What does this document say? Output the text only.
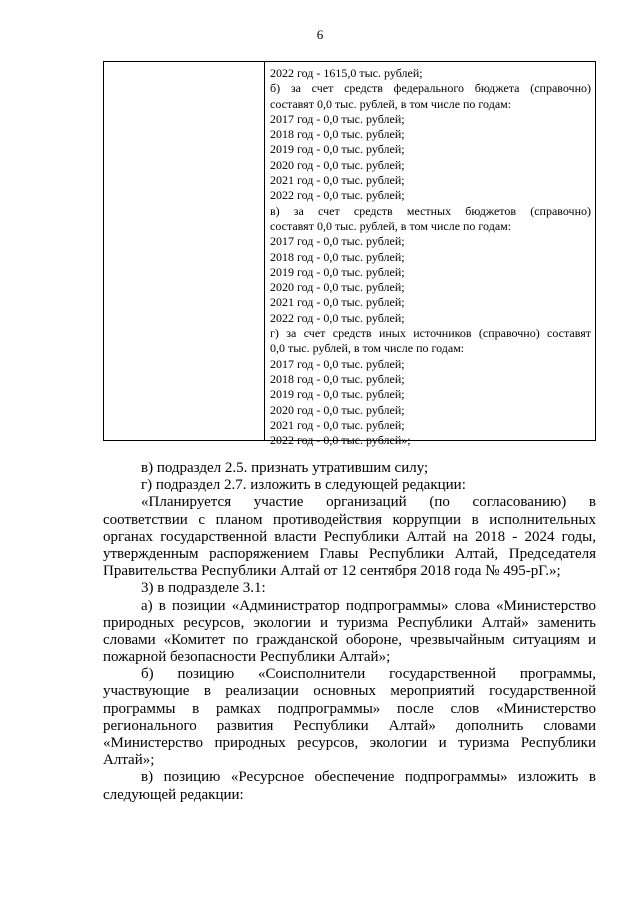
6
2022 год - 1615,0 тыс. рублей;
б) за счет средств федерального бюджета (справочно)
составят 0,0 тыс. рублей, в том числе по годам:
2017 год - 0,0 тыс. рублей;
2018 год - 0,0 тыс. рублей;
2019 год - 0,0 тыс. рублей;
2020 год - 0,0 тыс. рублей;
2021 год - 0,0 тыс. рублей;
2022 год - 0,0 тыс. рублей;
в) за счет средств местных бюджетов (справочно)
составят 0,0 тыс. рублей, в том числе по годам:
2017 год - 0,0 тыс. рублей;
2018 год - 0,0 тыс. рублей;
2019 год - 0,0 тыс. рублей;
2020 год - 0,0 тыс. рублей;
2021 год - 0,0 тыс. рублей;
2022 год - 0,0 тыс. рублей;
г) за счет средств иных источников (справочно) составят
0,0 тыс. рублей, в том числе по годам:
2017 год - 0,0 тыс. рублей;
2018 год - 0,0 тыс. рублей;
2019 год - 0,0 тыс. рублей;
2020 год - 0,0 тыс. рублей;
2021 год - 0,0 тыс. рублей;
2022 год - 0,0 тыс. рублей»;
в) подраздел 2.5. признать утратившим силу;
г) подраздел 2.7. изложить в следующей редакции:
«Планируется участие организаций (по согласованию) в
соответствии с планом противодействия коррупции в исполнительных
органах государственной власти Республики Алтай на 2018 - 2024 годы,
утвержденным распоряжением Главы Республики Алтай, Председателя
Правительства Республики Алтай от 12 сентября 2018 года № 495-рГ.»;
3) в подразделе 3.1:
а) в позиции «Администратор подпрограммы» слова «Министерство
природных ресурсов, экологии и туризма Республики Алтай» заменить
словами «Комитет по гражданской обороне, чрезвычайным ситуациям и
пожарной безопасности Республики Алтай»;
б) позицию «Соисполнители государственной программы,
участвующие в реализации основных мероприятий государственной
программы в рамках подпрограммы» после слов «Министерство
регионального развития Республики Алтай» дополнить словами
«Министерство природных ресурсов, экологии и туризма Республики
Алтай»;
в) позицию «Ресурсное обеспечение подпрограммы» изложить в
следующей редакции:
